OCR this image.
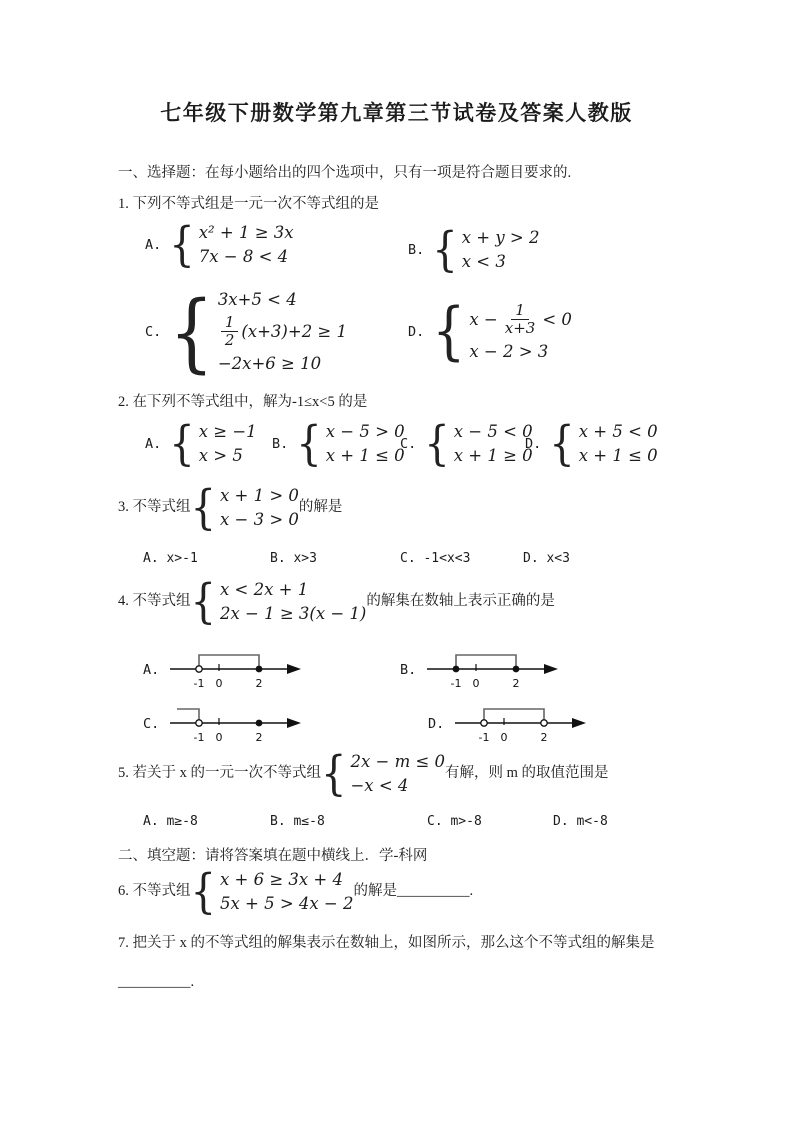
七年级下册数学第九章第三节试卷及答案人教版
一、选择题：在每小题给出的四个选项中，只有一项是符合题目要求的.
1. 下列不等式组是一元一次不等式组的是
A. { x² + 1 ≥ 3x
7x − 8 < 4	B. { x + y > 2
x < 3
C. { 3x+5 < 4
$\frac{1}{2} (x+3)+2 \ge 1$
−2x+6 ≥ 10
D. { $x - \frac{1}{x+3} < 0$
x − 2 > 3
2. 在下列不等式组中，解为-1≤x<5 的是
A. { x ≥ −1
x > 5
B. { x − 5 > 0
x + 1 ≤ 0
C. { x − 5 < 0
x + 1 ≥ 0
D. { x + 5 < 0
x + 1 ≤ 0
3. 不等式组 { x + 1 > 0
x − 3 > 0
的解是
A. x>-1	B. x>3	C. -1<x<3	D. x<3
4. 不等式组 { x < 2x + 1
2x − 1 ≥ 3(x − 1)
的解集在数轴上表示正确的是
A.
-1 0	2
B.
-1 0	2
C.
-1 0	2
D.
-1 0	2
5. 若关于 x 的一元一次不等式组 { 2x − m ≤ 0
−x < 4
有解，则 m 的取值范围是
A. m≥-8	B. m≤-8	C. m>-8	D. m<-8
二、填空题：请将答案填在题中横线上．学-科网
6. 不等式组 { x + 6 ≥ 3x + 4
5x + 5 > 4x − 2
的解是 __________.
7. 把关于 x 的不等式组的解集表示在数轴上，如图所示，那么这个不等式组的解集是
__________.
